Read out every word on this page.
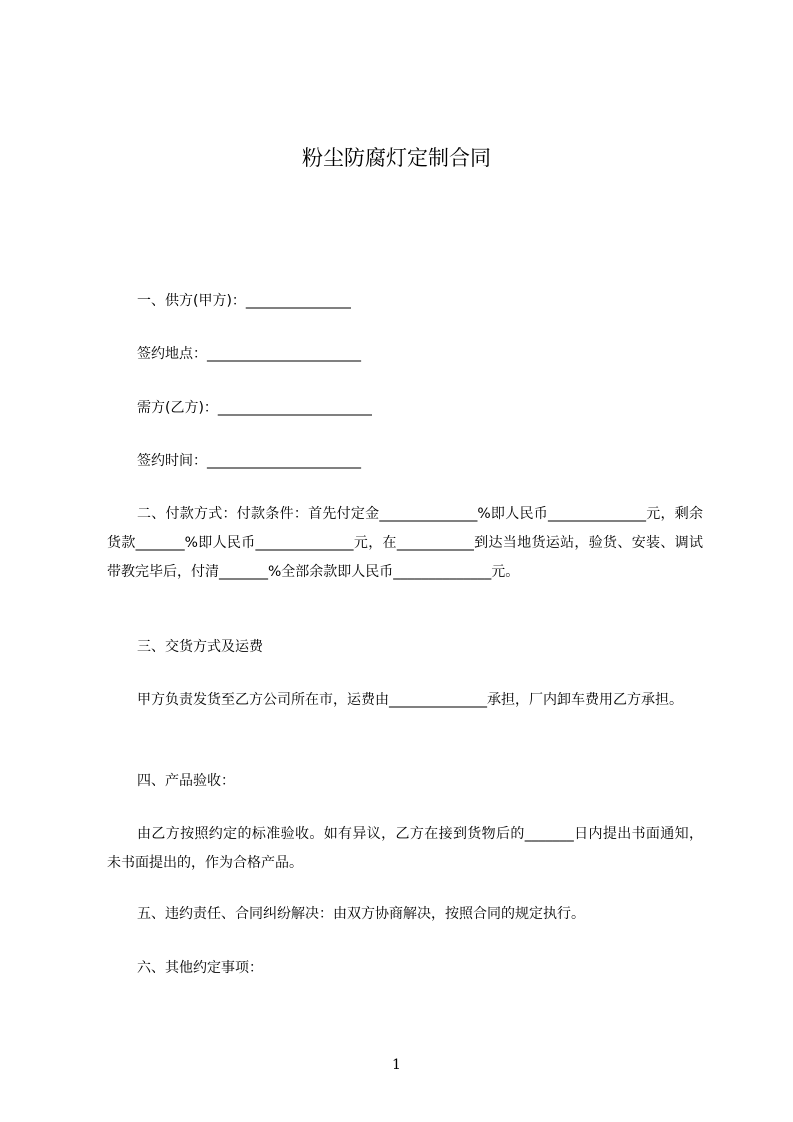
粉尘防腐灯定制合同
一、供方(甲方)：_______________
签约地点：______________________
需方(乙方)：______________________
签约时间：______________________
二、付款方式：付款条件：首先付定金______________%即人民币______________元，剩余货款_______%即人民币______________元，在___________到达当地货运站，验货、安装、调试带教完毕后，付清_______%全部余款即人民币______________元。
三、交货方式及运费
甲方负责发货至乙方公司所在市，运费由______________承担，厂内卸车费用乙方承担。
四、产品验收：
由乙方按照约定的标准验收。如有异议，乙方在接到货物后的_______日内提出书面通知，未书面提出的，作为合格产品。
五、违约责任、合同纠纷解决：由双方协商解决，按照合同的规定执行。
六、其他约定事项：
1
